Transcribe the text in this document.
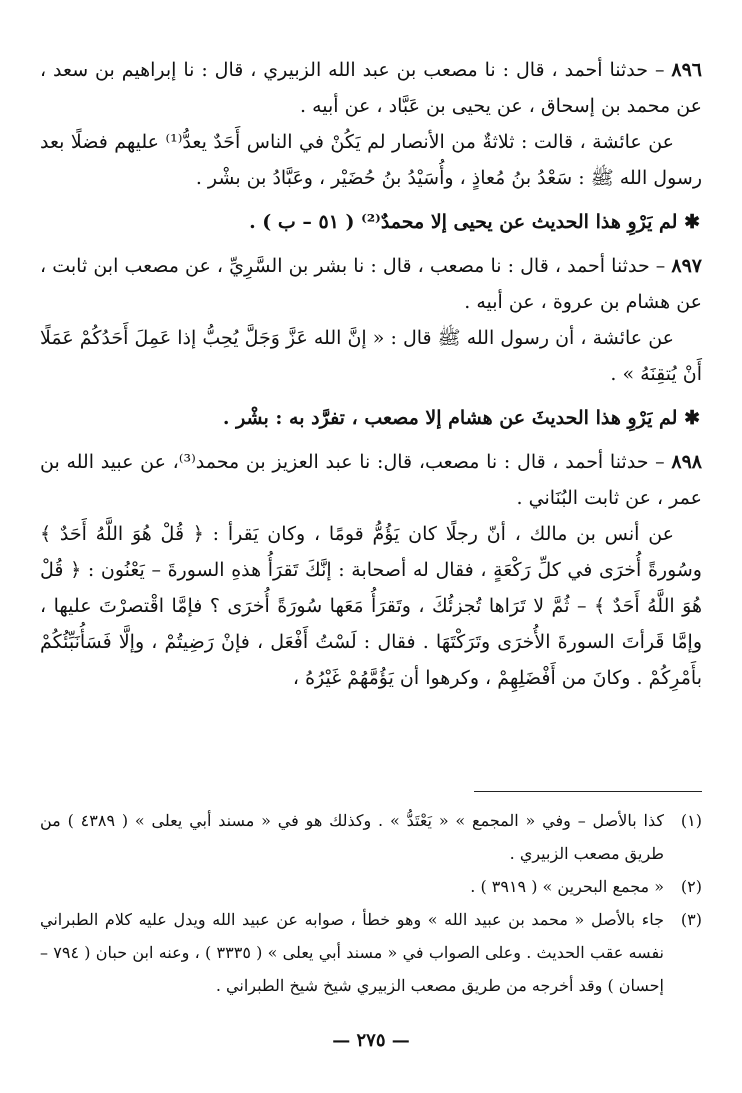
٨٩٦ – حدثنا أحمد ، قال : نا مصعب بن عبد الله الزبيري ، قال : نا إبراهيم بن سعد ، عن محمد بن إسحاق ، عن يحيى بن عَبَّاد ، عن أبيه .

عن عائشة ، قالت : ثلاثةٌ من الأنصار لم يَكُنْ في الناس أَحَدٌ يعدُّ⁽¹⁾ عليهم فضلًا بعد رسول الله ﷺ : سَعْدُ بنُ مُعاذٍ ، وأُسَيْدُ بنُ حُضَيْر ، وعَبَّادُ بن بشْر .

✱ لم يَرْوِ هذا الحديث عن يحيى إلا محمدٌ⁽²⁾ ( ٥١ – ب ) .

٨٩٧ – حدثنا أحمد ، قال : نا مصعب ، قال : نا بشر بن السَّرِيِّ ، عن مصعب ابن ثابت ، عن هشام بن عروة ، عن أبيه .

عن عائشة ، أن رسول الله ﷺ قال : « إنَّ الله عَزَّ وَجَلَّ يُحِبُّ إذا عَمِلَ أَحَدُكُمْ عَمَلًا أَنْ يُتقِنَهُ » .

✱ لم يَرْوِ هذا الحديثَ عن هشام إلا مصعب ، تفرَّد به : بشْر .

٨٩٨ – حدثنا أحمد ، قال : نا مصعب، قال: نا عبد العزيز بن محمد⁽³⁾، عن عبيد الله بن عمر ، عن ثابت البُنَاني .

عن أنس بن مالك ، أنّ رجلًا كان يَؤُمُّ قومًا ، وكان يَقرأ : ﴿ قُلْ هُوَ اللَّهُ أَحَدٌ ﴾ وسُورةً أُخرَى في كلِّ رَكْعَةٍ ، فقال له أصحابة : إنَّكَ تَقرَأُ هذهِ السورةَ – يَعْنُون : ﴿ قُلْ هُوَ اللَّهُ أَحَدٌ ﴾ – ثُمَّ لا تَرَاها تُجزئُكَ ، وتَقرَأُ مَعَها سُورَةً أُخرَى ؟ فإمَّا اقْتصرْتَ عليها ، وإمَّا قَرأتَ السورةَ الأُخرَى وتَرَكْتَهَا . فقال : لَسْتُ أَفْعَل ، فإنْ رَضِيتُمْ ، وإلَّا فَسَأُنَبِّئُكُمْ بأَمْرِكُمْ . وكانَ من أَفْضَلِهِمْ ، وكرهوا أن يَؤُمَّهُمْ غَيْرُهُ ،

(١)
كذا بالأصل – وفي « المجمع » « يَعْتَدُّ » . وكذلك هو في « مسند أبي يعلى » ( ٤٣٨٩ ) من طريق مصعب الزبيري .
(٢)
« مجمع البحرين » ( ٣٩١٩ ) .
(٣)
جاء بالأصل « محمد بن عبيد الله » وهو خطأ ، صوابه عن عبيد الله ويدل عليه كلام الطبراني نفسه عقب الحديث . وعلى الصواب في « مسند أبي يعلى » ( ٣٣٣٥ ) ، وعنه ابن حبان ( ٧٩٤ – إحسان ) وقد أخرجه من طريق مصعب الزبيري شيخ شيخ الطبراني .
— ٢٧٥ —
